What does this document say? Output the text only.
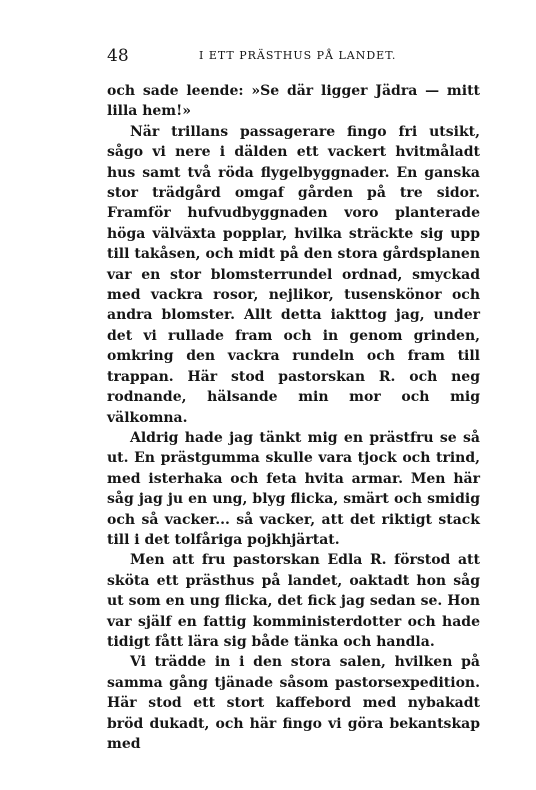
48	I ETT PRÄSTHUS PÅ LANDET.

och sade leende: »Se där ligger Jädra — mitt lilla hem!»

När trillans passagerare fingo fri utsikt, sågo vi nere i dälden ett vackert hvitmåladt hus samt två röda flygelbyggnader. En ganska stor trädgård omgaf gården på tre sidor. Framför hufvudbyggnaden voro planterade höga välväxta popplar, hvilka sträckte sig upp till takåsen, och midt på den stora gårdsplanen var en stor blomsterrundel ordnad, smyckad med vackra rosor, nejlikor, tusenskönor och andra blomster. Allt detta iakttog jag, under det vi rullade fram och in genom grinden, omkring den vackra rundeln och fram till trappan. Här stod pastorskan R. och neg rodnande, hälsande min mor och mig välkomna.

Aldrig hade jag tänkt mig en prästfru se så ut. En prästgumma skulle vara tjock och trind, med isterhaka och feta hvita armar. Men här såg jag ju en ung, blyg flicka, smärt och smidig och så vacker... så vacker, att det riktigt stack till i det tolfåriga pojkhjärtat.

Men att fru pastorskan Edla R. förstod att sköta ett prästhus på landet, oaktadt hon såg ut som en ung flicka, det fick jag sedan se. Hon var själf en fattig komministerdotter och hade tidigt fått lära sig både tänka och handla.

Vi trädde in i den stora salen, hvilken på samma gång tjänade såsom pastorsexpedition. Här stod ett stort kaffebord med nybakadt bröd dukadt, och här fingo vi göra bekantskap med
